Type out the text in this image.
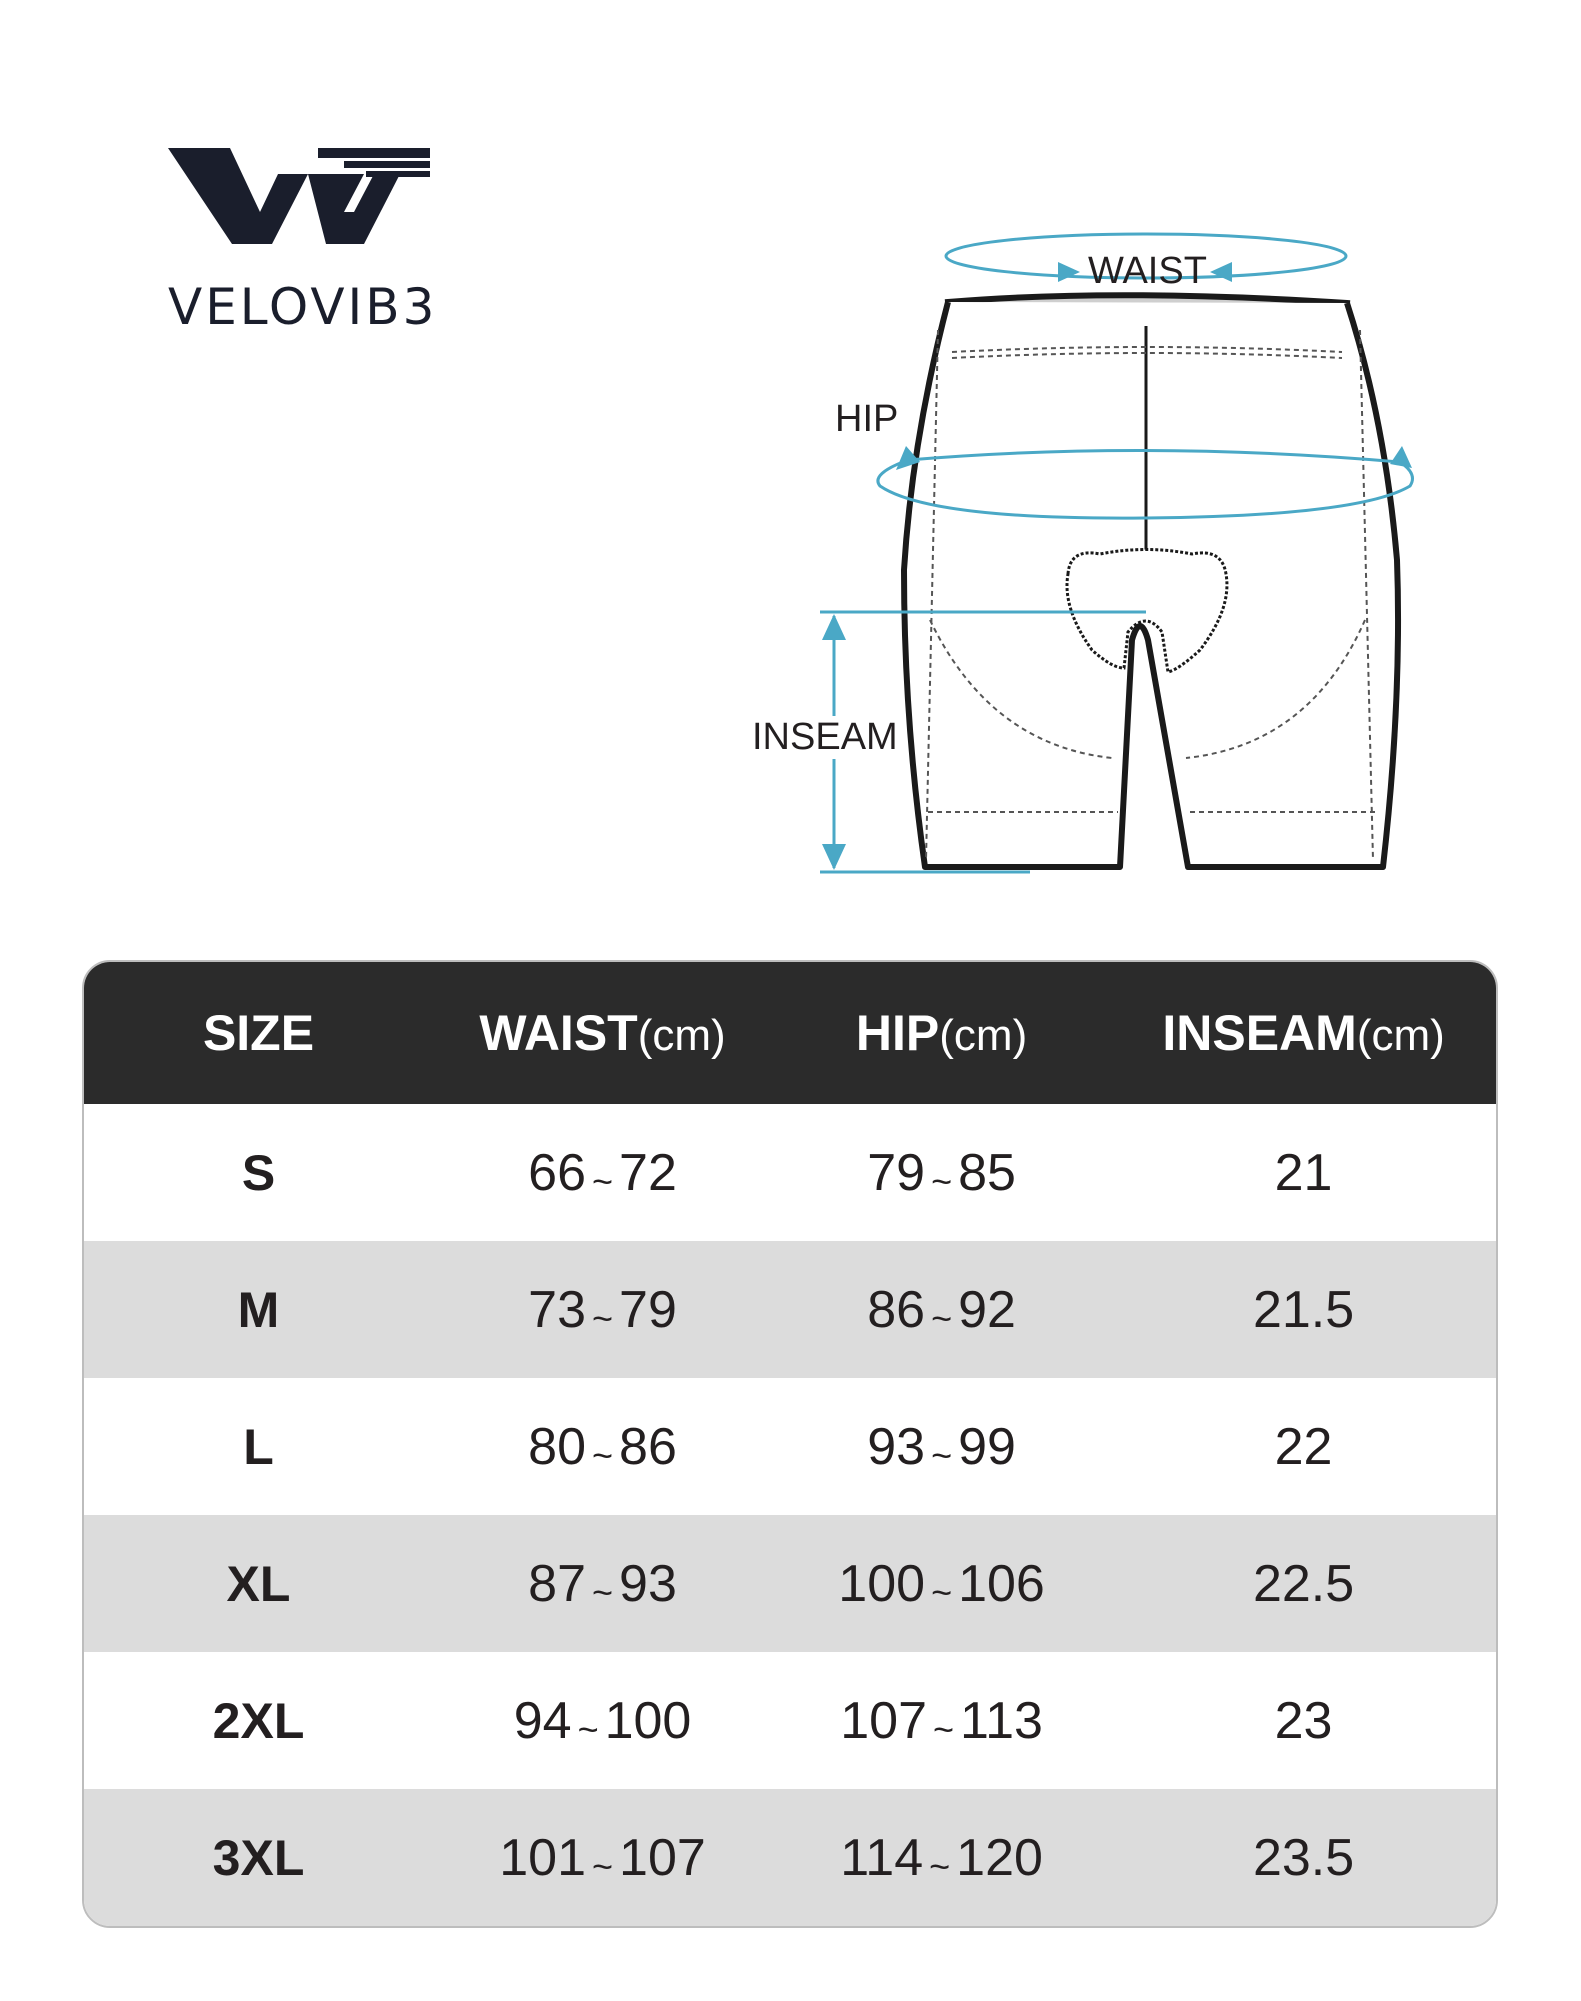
VELOVIB3
WAIST
HIP
INSEAM
SIZE	WAIST(cm)	HIP(cm)	INSEAM(cm)
S	66 ~ 72	79 ~ 85	21
M	73 ~ 79	86 ~ 92	21.5
L	80 ~ 86	93 ~ 99	22
XL	87 ~ 93	100 ~ 106	22.5
2XL	94 ~ 100	107 ~ 113	23
3XL	101 ~ 107	114 ~ 120	23.5
